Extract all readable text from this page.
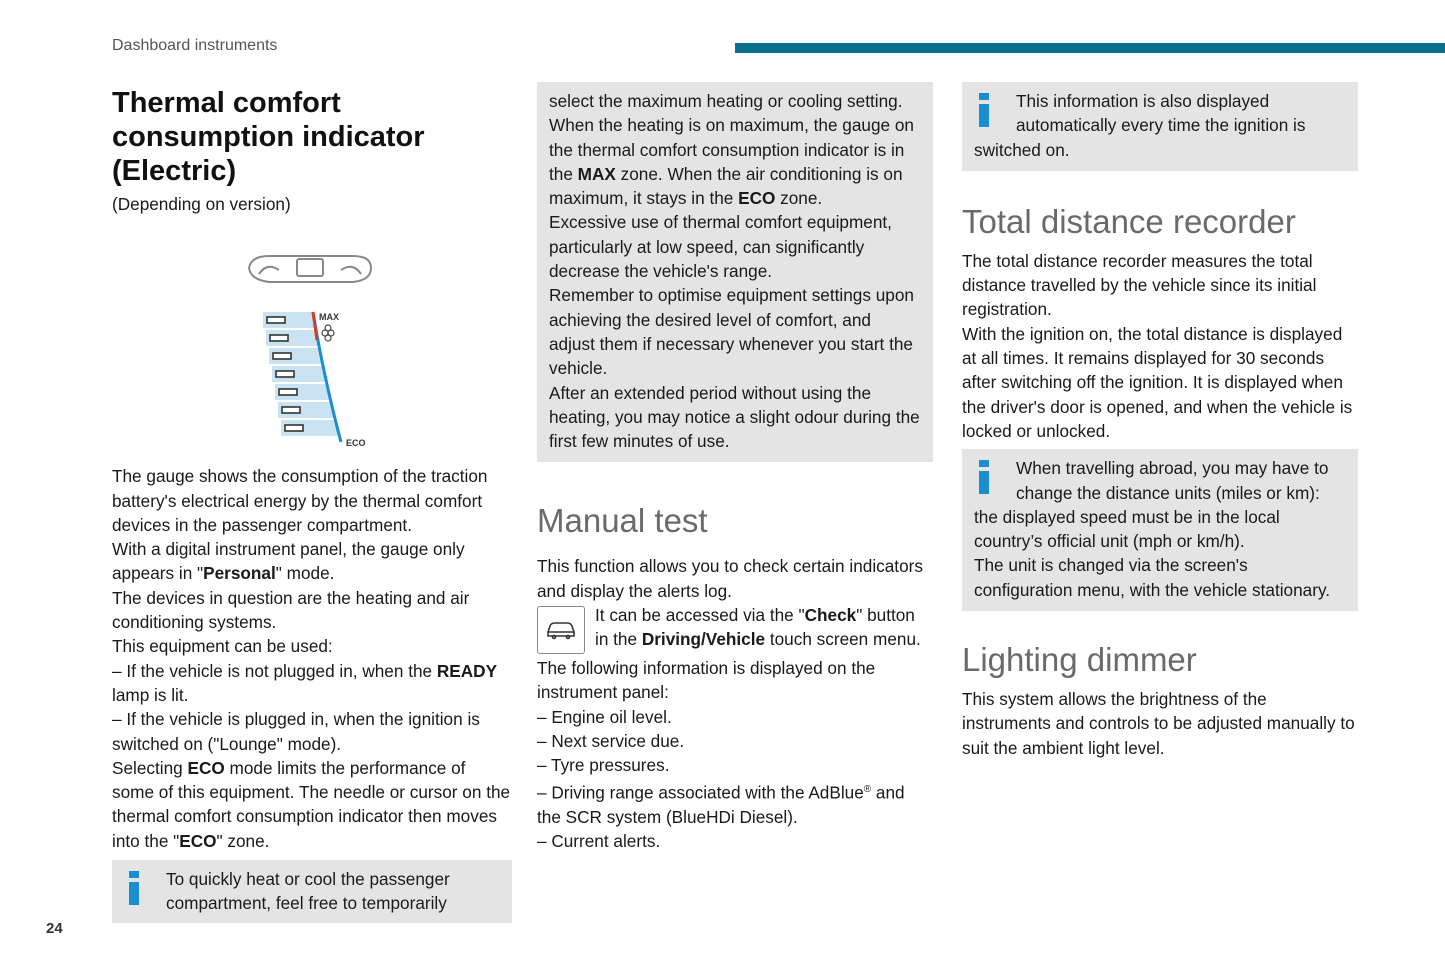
Dashboard instruments
Thermal comfort consumption indicator (Electric)

(Depending on version)

MAX
ECO

The gauge shows the consumption of the traction battery's electrical energy by the thermal comfort devices in the passenger compartment.

With a digital instrument panel, the gauge only appears in "Personal" mode.

The devices in question are the heating and air conditioning systems.

This equipment can be used:

– If the vehicle is not plugged in, when the READY lamp is lit.

– If the vehicle is plugged in, when the ignition is switched on ("Lounge" mode).

Selecting ECO mode limits the performance of some of this equipment. The needle or cursor on the thermal comfort consumption indicator then moves into the "ECO" zone.

To quickly heat or cool the passenger compartment, feel free to temporarily

select the maximum heating or cooling setting.

When the heating is on maximum, the gauge on the thermal comfort consumption indicator is in the MAX zone. When the air conditioning is on maximum, it stays in the ECO zone.

Excessive use of thermal comfort equipment, particularly at low speed, can significantly decrease the vehicle's range.

Remember to optimise equipment settings upon achieving the desired level of comfort, and adjust them if necessary whenever you start the vehicle.

After an extended period without using the heating, you may notice a slight odour during the first few minutes of use.

Manual test

This function allows you to check certain indicators and display the alerts log.

It can be accessed via the "Check" button in the Driving/Vehicle touch screen menu.

The following information is displayed on the instrument panel:

– Engine oil level.

– Next service due.

– Tyre pressures.

– Driving range associated with the AdBlue® and the SCR system (BlueHDi Diesel).

– Current alerts.

This information is also displayed automatically every time the ignition is switched on.

Total distance recorder

The total distance recorder measures the total distance travelled by the vehicle since its initial registration.

With the ignition on, the total distance is displayed at all times. It remains displayed for 30 seconds after switching off the ignition. It is displayed when the driver's door is opened, and when the vehicle is locked or unlocked.

When travelling abroad, you may have to change the distance units (miles or km): the displayed speed must be in the local country’s official unit (mph or km/h).

The unit is changed via the screen's configuration menu, with the vehicle stationary.

Lighting dimmer

This system allows the brightness of the instruments and controls to be adjusted manually to suit the ambient light level.

24
